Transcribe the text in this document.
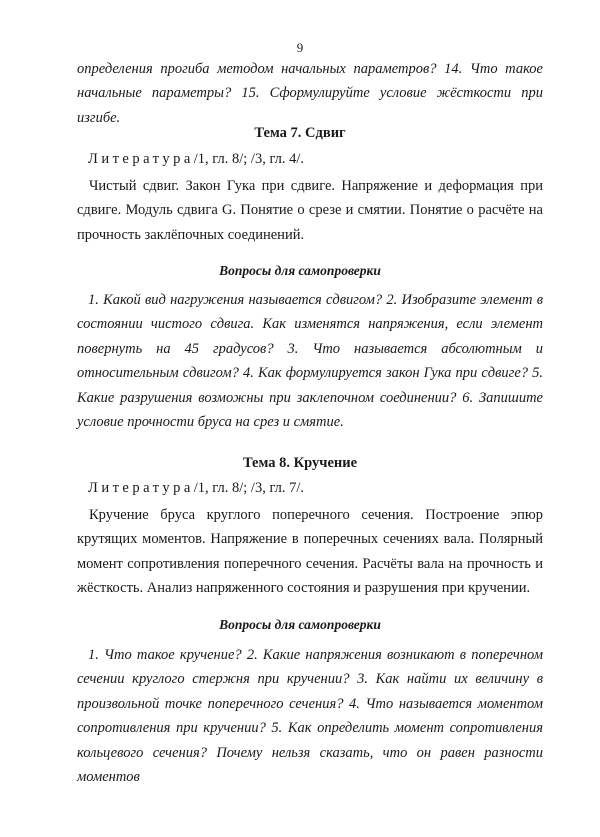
9
определения прогиба методом начальных параметров? 14. Что такое начальные параметры? 15. Сформулируйте условие жёсткости при изгибе.
Тема 7. Сдвиг
Литература/1, гл. 8/; /3, гл. 4/.
Чистый сдвиг. Закон Гука при сдвиге. Напряжение и деформация при сдвиге. Модуль сдвига G. Понятие о срезе и смятии. Понятие о расчёте на прочность заклёпочных соединений.
Вопросы для самопроверки
1. Какой вид нагружения называется сдвигом? 2. Изобразите элемент в состоянии чистого сдвига. Как изменятся напряжения, если элемент повернуть на 45 градусов? 3. Что называется абсолютным и относительным сдвигом? 4. Как формулируется закон Гука при сдвиге? 5. Какие разрушения возможны при заклепочном соединении? 6. Запишите условие прочности бруса на срез и смятие.
Тема 8. Кручение
Литература/1, гл. 8/; /3, гл. 7/.
Кручение бруса круглого поперечного сечения. Построение эпюр крутящих моментов. Напряжение в поперечных сечениях вала. Полярный момент сопротивления поперечного сечения. Расчёты вала на прочность и жёсткость. Анализ напряженного состояния и разрушения при кручении.
Вопросы для самопроверки
1. Что такое кручение? 2. Какие напряжения возникают в поперечном сечении круглого стержня при кручении? 3. Как найти их величину в произвольной точке поперечного сечения? 4. Что называется моментом сопротивления при кручении? 5. Как определить момент сопротивления кольцевого сечения? Почему нельзя сказать, что он равен разности моментов
